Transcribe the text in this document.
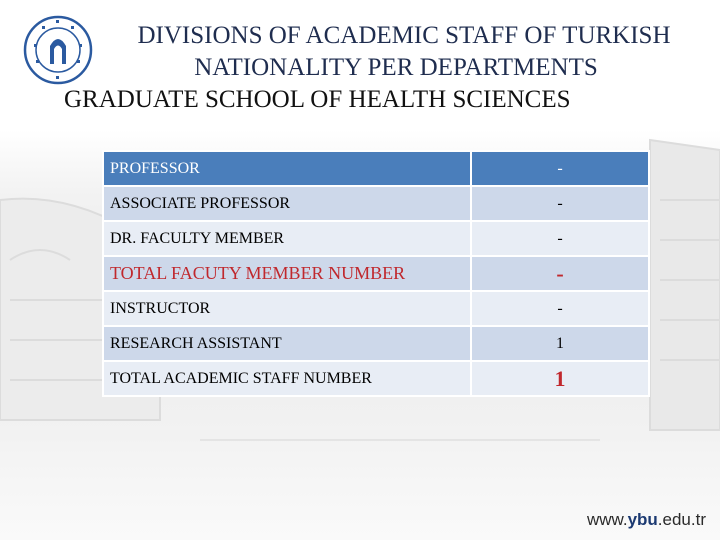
DIVISIONS OF ACADEMIC STAFF OF TURKISH
NATIONALITY PER DEPARTMENTS
GRADUATE SCHOOL OF HEALTH SCIENCES
PROFESSOR	-
ASSOCIATE PROFESSOR	-
DR. FACULTY MEMBER	-
TOTAL FACUTY MEMBER NUMBER	-
INSTRUCTOR	-
RESEARCH ASSISTANT	1
TOTAL ACADEMIC STAFF NUMBER	1
www.ybu.edu.tr
